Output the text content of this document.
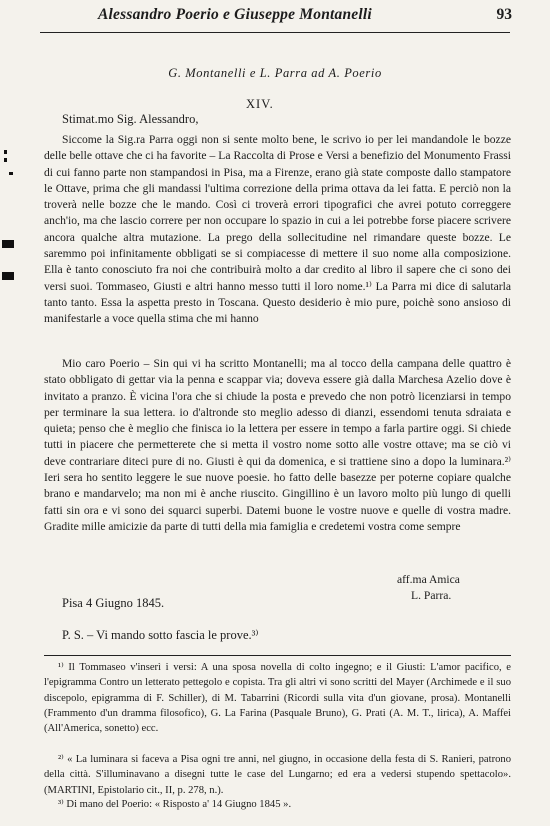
Alessandro Poerio e Giuseppe Montanelli	93
G. Montanelli e L. Parra ad A. Poerio
XIV.
Stimat.mo Sig. Alessandro,

Siccome la Sig.ra Parra oggi non si sente molto bene, le scrivo io per lei mandandole le bozze delle belle ottave che ci ha favorite – La Raccolta di Prose e Versi a benefizio del Monumento Frassi di cui fanno parte non stampandosi in Pisa, ma a Firenze, erano già state composte dallo stampatore le Ottave, prima che gli mandassi l'ultima correzione della prima ottava da lei fatta. E perciò non la troverà nelle bozze che le mando. Così ci troverà errori tipografici che avrei potuto correggere anch'io, ma che lascio correre per non occupare lo spazio in cui a lei potrebbe forse piacere scrivere ancora qualche altra mutazione. La prego della sollecitudine nel rimandare queste bozze. Le saremmo poi infinitamente obbligati se si compiacesse di mettere il suo nome alla composizione. Ella è tanto conosciuto fra noi che contribuirà molto a dar credito al libro il sapere che ci sono dei versi suoi. Tommaseo, Giusti e altri hanno messo tutti il loro nome.¹⁾ La Parra mi dice di salutarla tanto tanto. Essa la aspetta presto in Toscana. Questo desiderio è mio pure, poichè sono ansioso di manifestarle a voce quella stima che mi hanno

Mio caro Poerio – Sin qui vi ha scritto Montanelli; ma al tocco della campana delle quattro è stato obbligato di gettar via la penna e scappar via; doveva essere già dalla Marchesa Azelio dove è invitato a pranzo. È vicina l'ora che si chiude la posta e prevedo che non potrò licenziarsi in tempo per terminare la sua lettera. io d'altronde sto meglio adesso di dianzi, essendomi tenuta sdraiata e quieta; penso che è meglio che finisca io la lettera per essere in tempo a farla partire oggi. Si chiede tutti in piacere che permetterete che si metta il vostro nome sotto alle vostre ottave; ma se ciò vi deve contrariare diteci pure di no. Giusti è qui da domenica, e si trattiene sino a dopo la luminara.²⁾ Ieri sera ho sentito leggere le sue nuove poesie. ho fatto delle basezze per poterne copiare qualche brano e mandarvelo; ma non mi è anche riuscito. Gingillino è un lavoro molto più lungo di quelli fatti sin ora e vi sono dei squarci superbi. Datemi buone le vostre nuove e quelle di vostra madre. Gradite mille amicizie da parte di tutti della mia famiglia e credetemi vostra come sempre

aff.ma Amica
L. Parra.
Pisa 4 Giugno 1845.
P. S. – Vi mando sotto fascia le prove.³⁾

¹⁾ Il Tommaseo v'inserì i versi: A una sposa novella di colto ingegno; e il Giusti: L'amor pacifico, e l'epigramma Contro un letterato pettegolo e copista. Tra gli altri vi sono scritti del Mayer (Archimede e il suo discepolo, epigramma di F. Schiller), di M. Tabarrini (Ricordi sulla vita d'un giovane, prosa). Montanelli (Frammento d'un dramma filosofico), G. La Farina (Pasquale Bruno), G. Prati (A. M. T., lirica), A. Maffei (All'America, sonetto) ecc.

²⁾ « La luminara si faceva a Pisa ogni tre anni, nel giugno, in occasione della festa di S. Ranieri, patrono della città. S'illuminavano a disegni tutte le case del Lungarno; ed era a vedersi stupendo spettacolo». (MARTINI, Epistolario cit., II, p. 278, n.).

³⁾ Di mano del Poerio: « Risposto a' 14 Giugno 1845 ».
